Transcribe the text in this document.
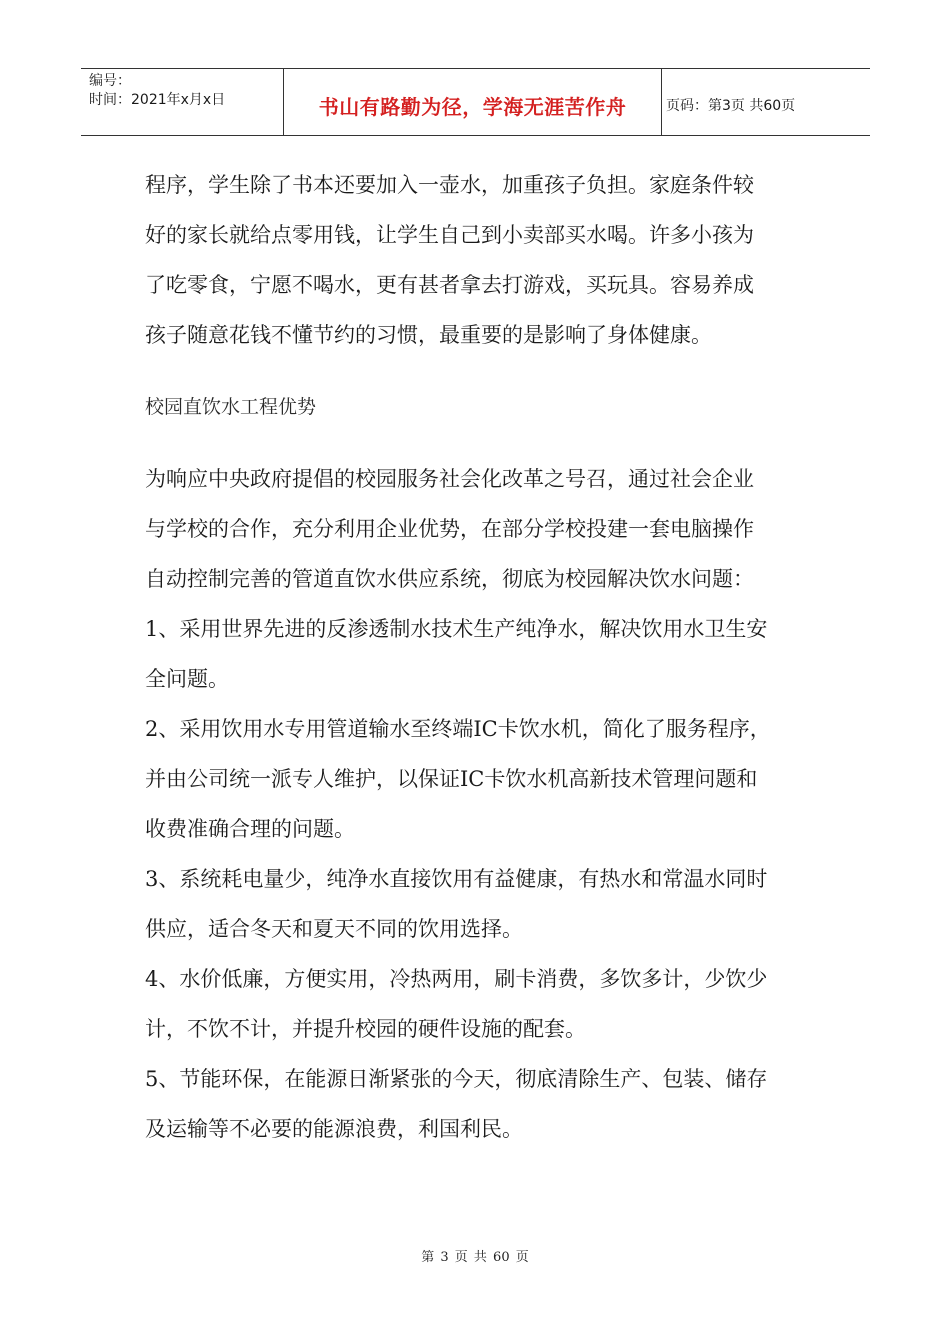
编号：
时间：2021年x月x日	书山有路勤为径，学海无涯苦作舟	页码：第3页 共60页
程序，学生除了书本还要加入一壶水，加重孩子负担。家庭条件较
好的家长就给点零用钱，让学生自己到小卖部买水喝。许多小孩为
了吃零食，宁愿不喝水，更有甚者拿去打游戏，买玩具。容易养成
孩子随意花钱不懂节约的习惯，最重要的是影响了身体健康。
校园直饮水工程优势
为响应中央政府提倡的校园服务社会化改革之号召，通过社会企业
与学校的合作，充分利用企业优势，在部分学校投建一套电脑操作
自动控制完善的管道直饮水供应系统，彻底为校园解决饮水问题：
1、采用世界先进的反渗透制水技术生产纯净水，解决饮用水卫生安
全问题。
2、采用饮用水专用管道输水至终端IC卡饮水机，简化了服务程序，
并由公司统一派专人维护，以保证IC卡饮水机高新技术管理问题和
收费准确合理的问题。
3、系统耗电量少，纯净水直接饮用有益健康，有热水和常温水同时
供应，适合冬天和夏天不同的饮用选择。
4、水价低廉，方便实用，冷热两用，刷卡消费，多饮多计，少饮少
计，不饮不计，并提升校园的硬件设施的配套。
5、节能环保，在能源日渐紧张的今天，彻底清除生产、包装、储存
及运输等不必要的能源浪费，利国利民。
第 3 页 共 60 页
